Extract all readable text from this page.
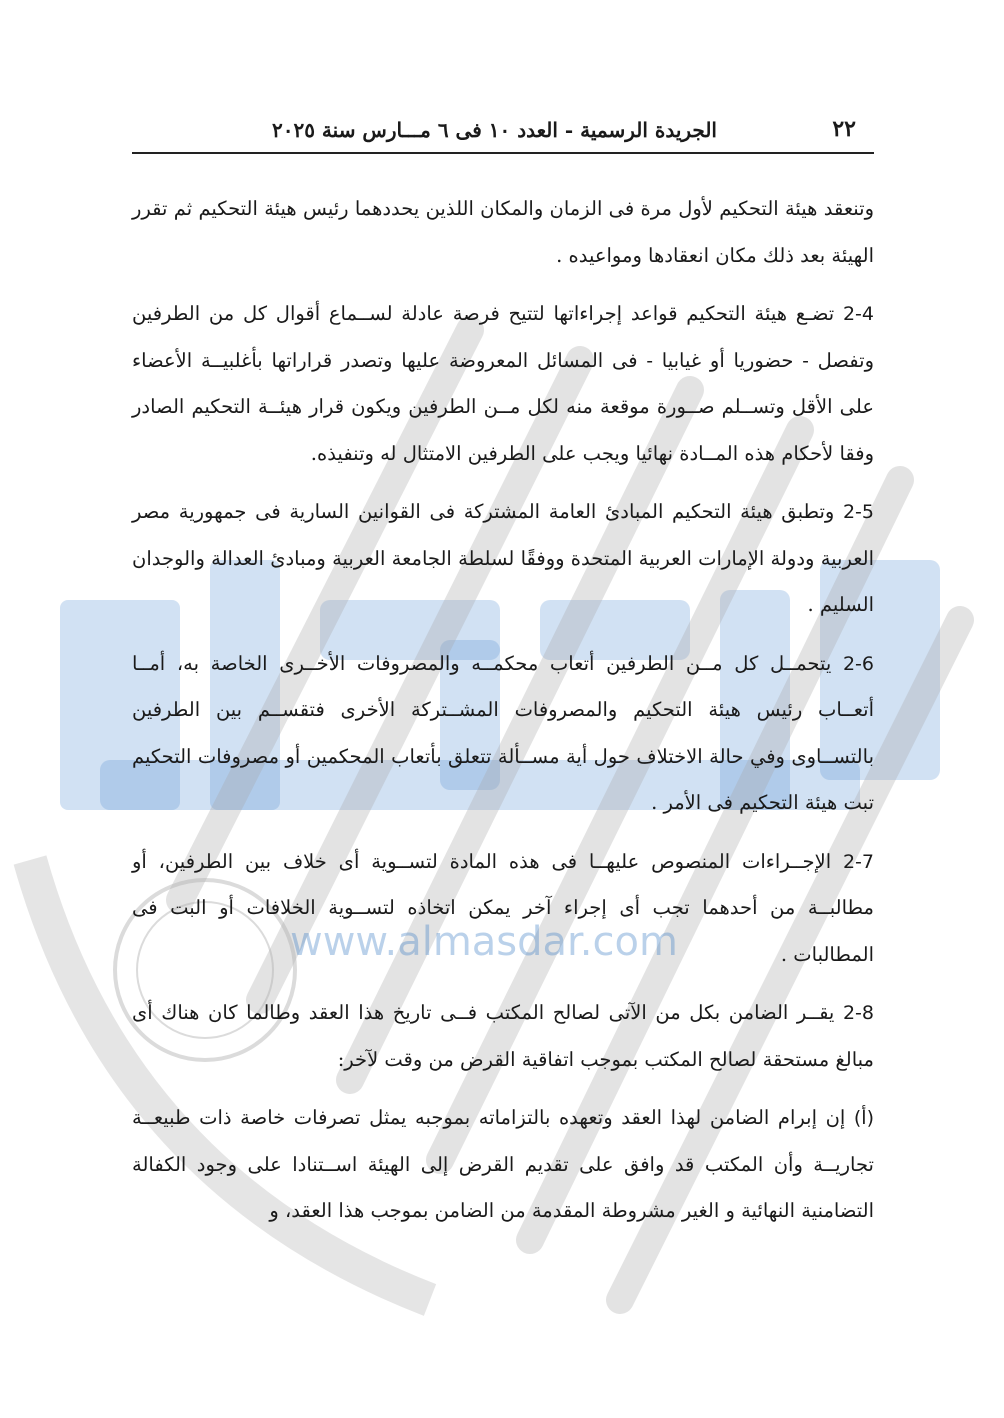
www.almasdar.com
٢٢
الجريدة الرسمية - العدد ١٠ فى ٦ مـــارس سنة ٢٠٢٥

وتنعقد هيئة التحكيم لأول مرة فى الزمان والمكان اللذين يحددهما رئيس هيئة التحكيم ثم تقرر الهيئة بعد ذلك مكان انعقادها ومواعيده .

2-4 تضـع هيئة التحكيم قواعد إجراءاتها لتتيح فرصة عادلة لســماع أقوال كل من الطرفين وتفصل - حضوريا أو غيابيا - فى المسائل المعروضة عليها وتصدر قراراتها بأغلبيــة الأعضاء على الأقل وتســلم صــورة موقعة منه لكل مــن الطرفين ويكون قرار هيئــة التحكيم الصادر وفقا لأحكام هذه المــادة نهائيا ويجب على الطرفين الامتثال له وتنفيذه.

2-5 وتطبق هيئة التحكيم المبادئ العامة المشتركة فى القوانين السارية فى جمهورية مصر العربية ودولة الإمارات العربية المتحدة ووفقًا لسلطة الجامعة العربية ومبادئ العدالة والوجدان السليم .

2-6 يتحمــل كل مــن الطرفين أتعاب محكمــه والمصروفات الأخــرى الخاصة به، أمــا أتعــاب رئيس هيئة التحكيم والمصروفات المشــتركة الأخرى فتقســم بين الطرفين بالتســاوى وفي حالة الاختلاف حول أية مســألة تتعلق بأتعاب المحكمين أو مصروفات التحكيم تبت هيئة التحكيم فى الأمر .

2-7 الإجــراءات المنصوص عليهــا فى هذه المادة لتســوية أى خلاف بين الطرفين، أو مطالبــة من أحدهما تجب أى إجراء آخر يمكن اتخاذه لتســوية الخلافات أو البت فى المطالبات .

2-8 يقــر الضامن بكل من الآتى لصالح المكتب فــى تاريخ هذا العقد وطالما كان هناك أى مبالغ مستحقة لصالح المكتب بموجب اتفاقية القرض من وقت لآخر:

(أ) إن إبرام الضامن لهذا العقد وتعهده بالتزاماته بموجبه يمثل تصرفات خاصة ذات طبيعــة تجاريــة وأن المكتب قد وافق على تقديم القرض إلى الهيئة اســتنادا على وجود الكفالة التضامنية النهائية و الغير مشروطة المقدمة من الضامن بموجب هذا العقد، و
